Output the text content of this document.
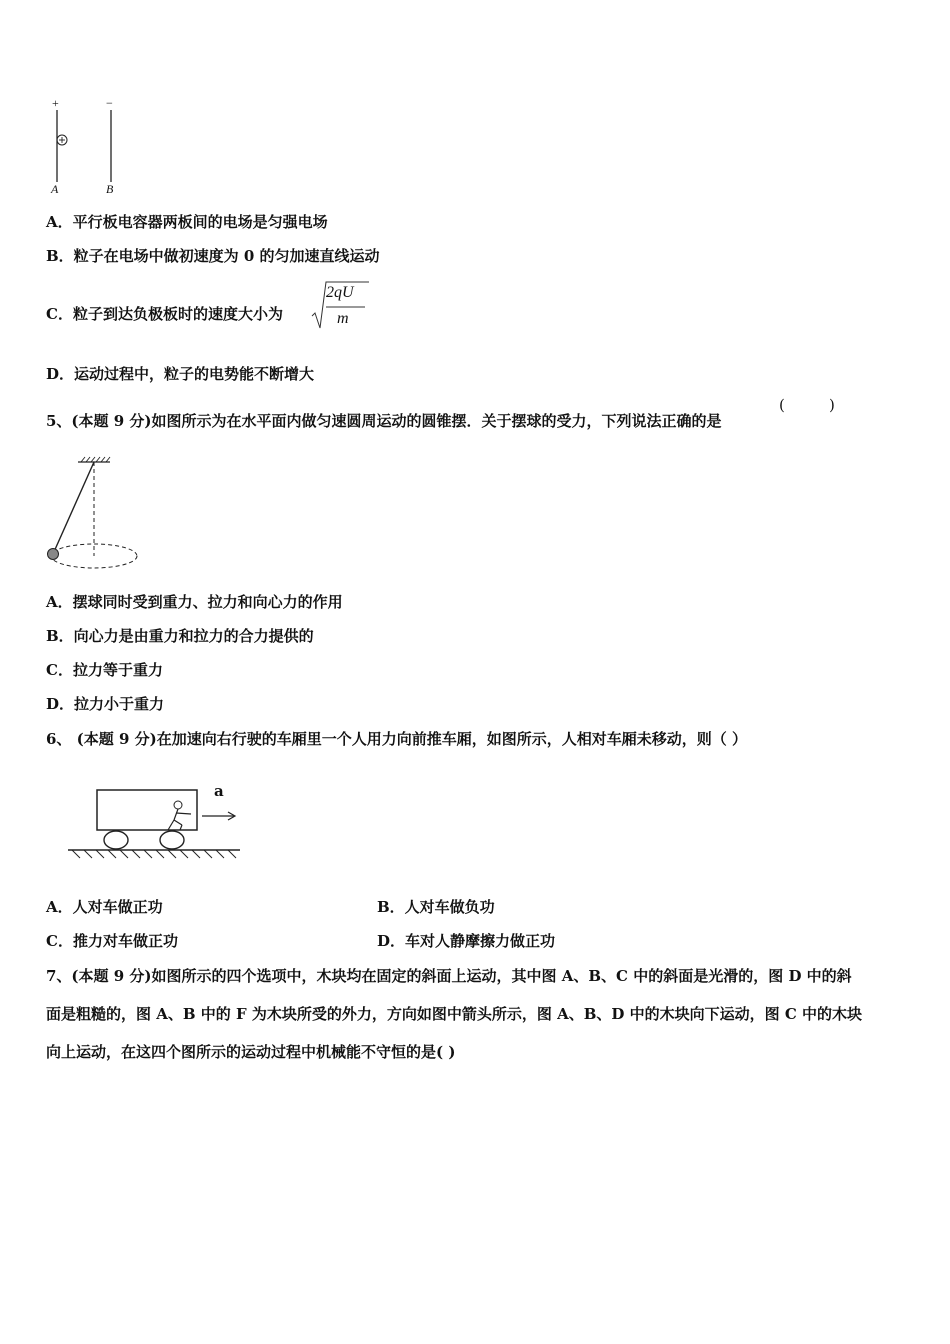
+	−
A	B
A．平行板电容器两板间的电场是匀强电场
B．粒子在电场中做初速度为 0 的匀加速直线运动
C．粒子到达负极板时的速度大小为
2qU
m
D．运动过程中，粒子的电势能不断增大
5、(本题 9 分)如图所示为在水平面内做匀速圆周运动的圆锥摆．关于摆球的受力，下列说法正确的是
(	)
A．摆球同时受到重力、拉力和向心力的作用
B．向心力是由重力和拉力的合力提供的
C．拉力等于重力
D．拉力小于重力
6、 (本题 9 分)在加速向右行驶的车厢里一个人用力向前推车厢，如图所示，人相对车厢未移动，则（ ）
a
A．人对车做正功	B．人对车做负功
C．推力对车做正功	D．车对人静摩擦力做正功
7、(本题 9 分)如图所示的四个选项中，木块均在固定的斜面上运动，其中图 A、B、C 中的斜面是光滑的，图 D 中的斜
面是粗糙的，图 A、B 中的 F 为木块所受的外力，方向如图中箭头所示，图 A、B、D 中的木块向下运动，图 C 中的木块
向上运动，在这四个图所示的运动过程中机械能不守恒的是( )
